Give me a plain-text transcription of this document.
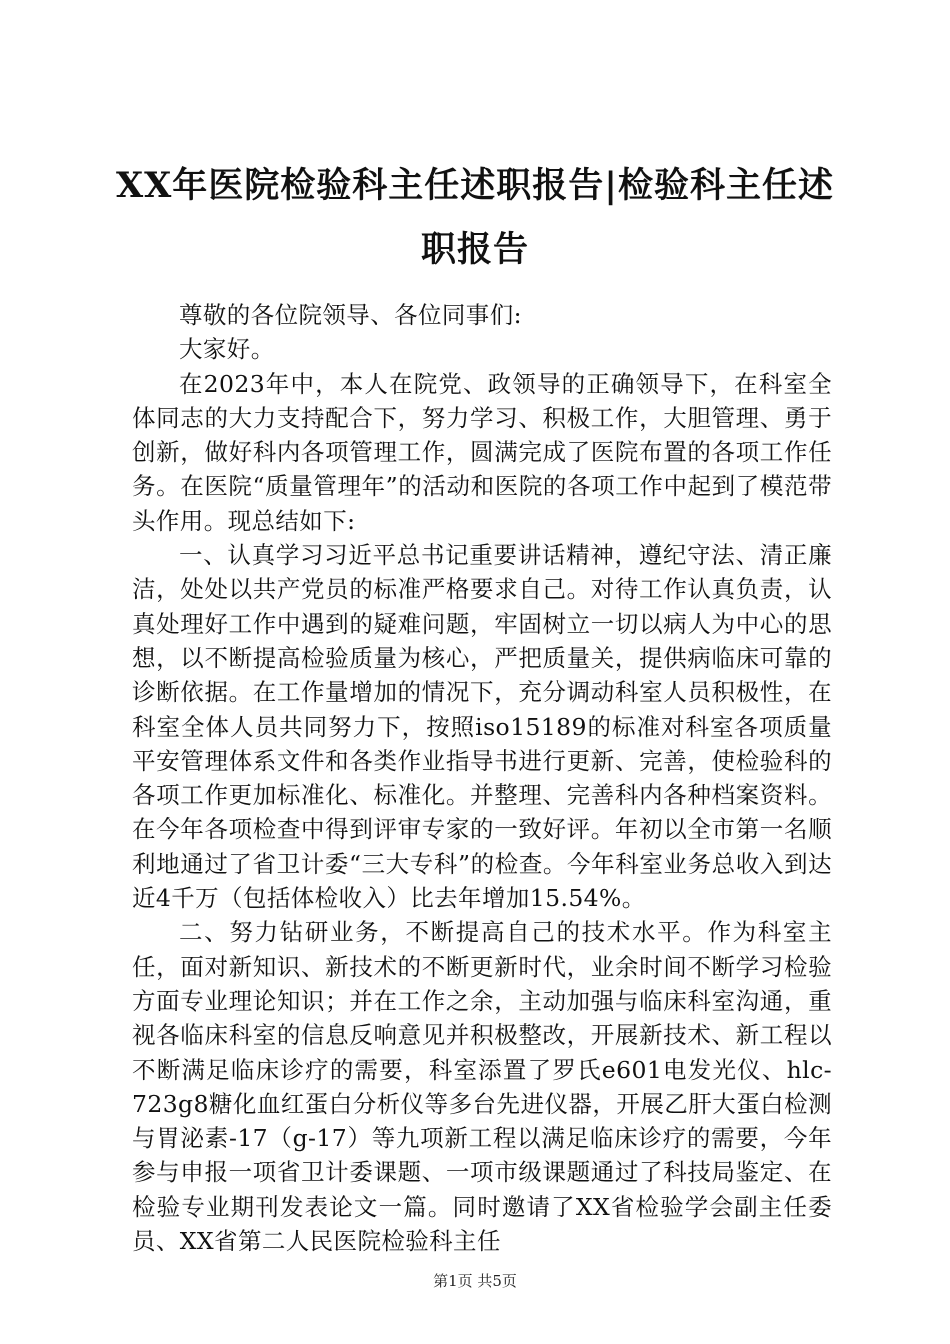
XX年医院检验科主任述职报告|检验科主任述
职报告

尊敬的各位院领导、各位同事们:

大家好。

在2023年中，本人在院党、政领导的正确领导下，在科室全体同志的大力支持配合下，努力学习、积极工作，大胆管理、勇于创新，做好科内各项管理工作，圆满完成了医院布置的各项工作任务。在医院“质量管理年”的活动和医院的各项工作中起到了模范带头作用。现总结如下:

一、认真学习习近平总书记重要讲话精神，遵纪守法、清正廉洁，处处以共产党员的标准严格要求自己。对待工作认真负责，认真处理好工作中遇到的疑难问题，牢固树立一切以病人为中心的思想，以不断提高检验质量为核心，严把质量关，提供病临床可靠的诊断依据。在工作量增加的情况下，充分调动科室人员积极性，在科室全体人员共同努力下，按照iso15189的标准对科室各项质量平安管理体系文件和各类作业指导书进行更新、完善，使检验科的各项工作更加标准化、标准化。并整理、完善科内各种档案资料。在今年各项检查中得到评审专家的一致好评。年初以全市第一名顺利地通过了省卫计委“三大专科”的检查。今年科室业务总收入到达近4千万（包括体检收入）比去年增加15.54%。

二、努力钻研业务，不断提高自己的技术水平。作为科室主任，面对新知识、新技术的不断更新时代，业余时间不断学习检验方面专业理论知识；并在工作之余，主动加强与临床科室沟通，重视各临床科室的信息反响意见并积极整改，开展新技术、新工程以不断满足临床诊疗的需要，科室添置了罗氏e601电发光仪、hlc-723g8糖化血红蛋白分析仪等多台先进仪器，开展乙肝大蛋白检测与胃泌素-17（g-17）等九项新工程以满足临床诊疗的需要，今年参与申报一项省卫计委课题、一项市级课题通过了科技局鉴定、在检验专业期刊发表论文一篇。同时邀请了XX省检验学会副主任委员、XX省第二人民医院检验科主任

第1页 共5页
